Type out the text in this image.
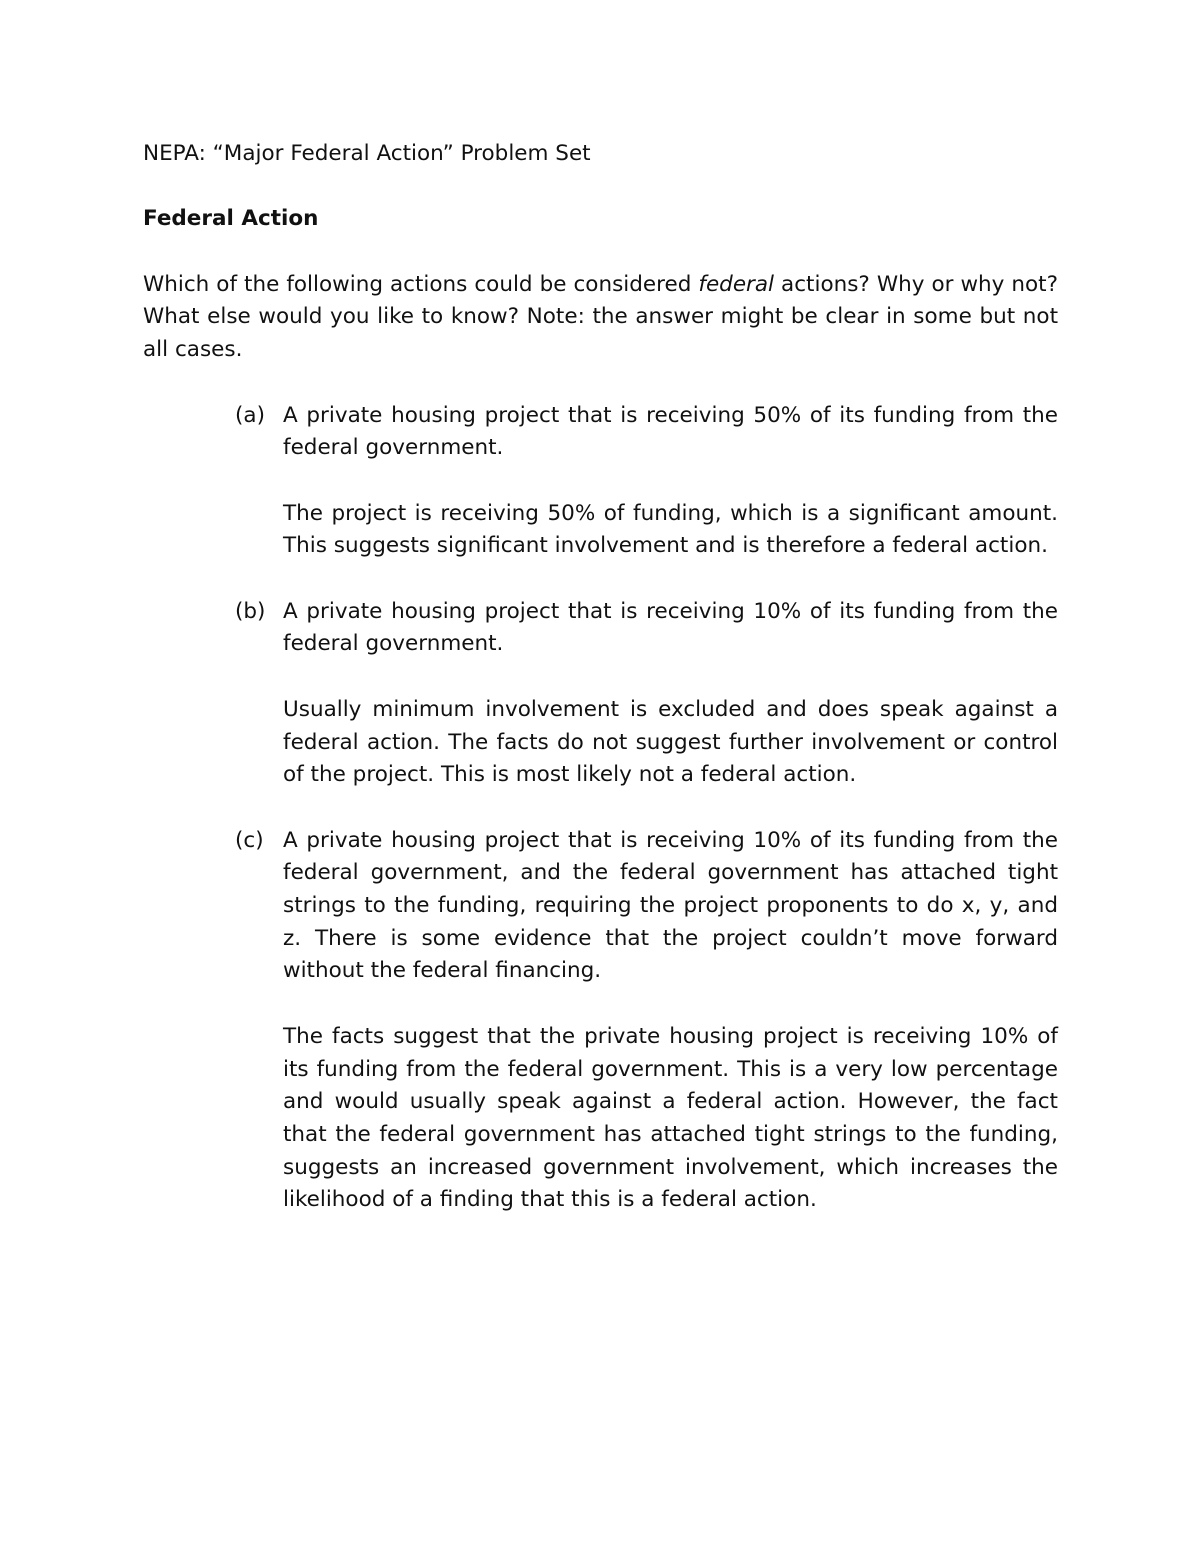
NEPA: “Major Federal Action” Problem Set

Federal Action

Which of the following actions could be considered federal actions? Why or why not? What else would you like to know? Note: the answer might be clear in some but not all cases.

(a) A private housing project that is receiving 50% of its funding from the federal government.

The project is receiving 50% of funding, which is a significant amount. This suggests significant involvement and is therefore a federal action.

(b) A private housing project that is receiving 10% of its funding from the federal government.

Usually minimum involvement is excluded and does speak against a federal action. The facts do not suggest further involvement or control of the project. This is most likely not a federal action.

(c) A private housing project that is receiving 10% of its funding from the federal government, and the federal government has attached tight strings to the funding, requiring the project proponents to do x, y, and z. There is some evidence that the project couldn’t move forward without the federal financing.

The facts suggest that the private housing project is receiving 10% of its funding from the federal government. This is a very low percentage and would usually speak against a federal action. However, the fact that the federal government has attached tight strings to the funding, suggests an increased government involvement, which increases the likelihood of a finding that this is a federal action.
